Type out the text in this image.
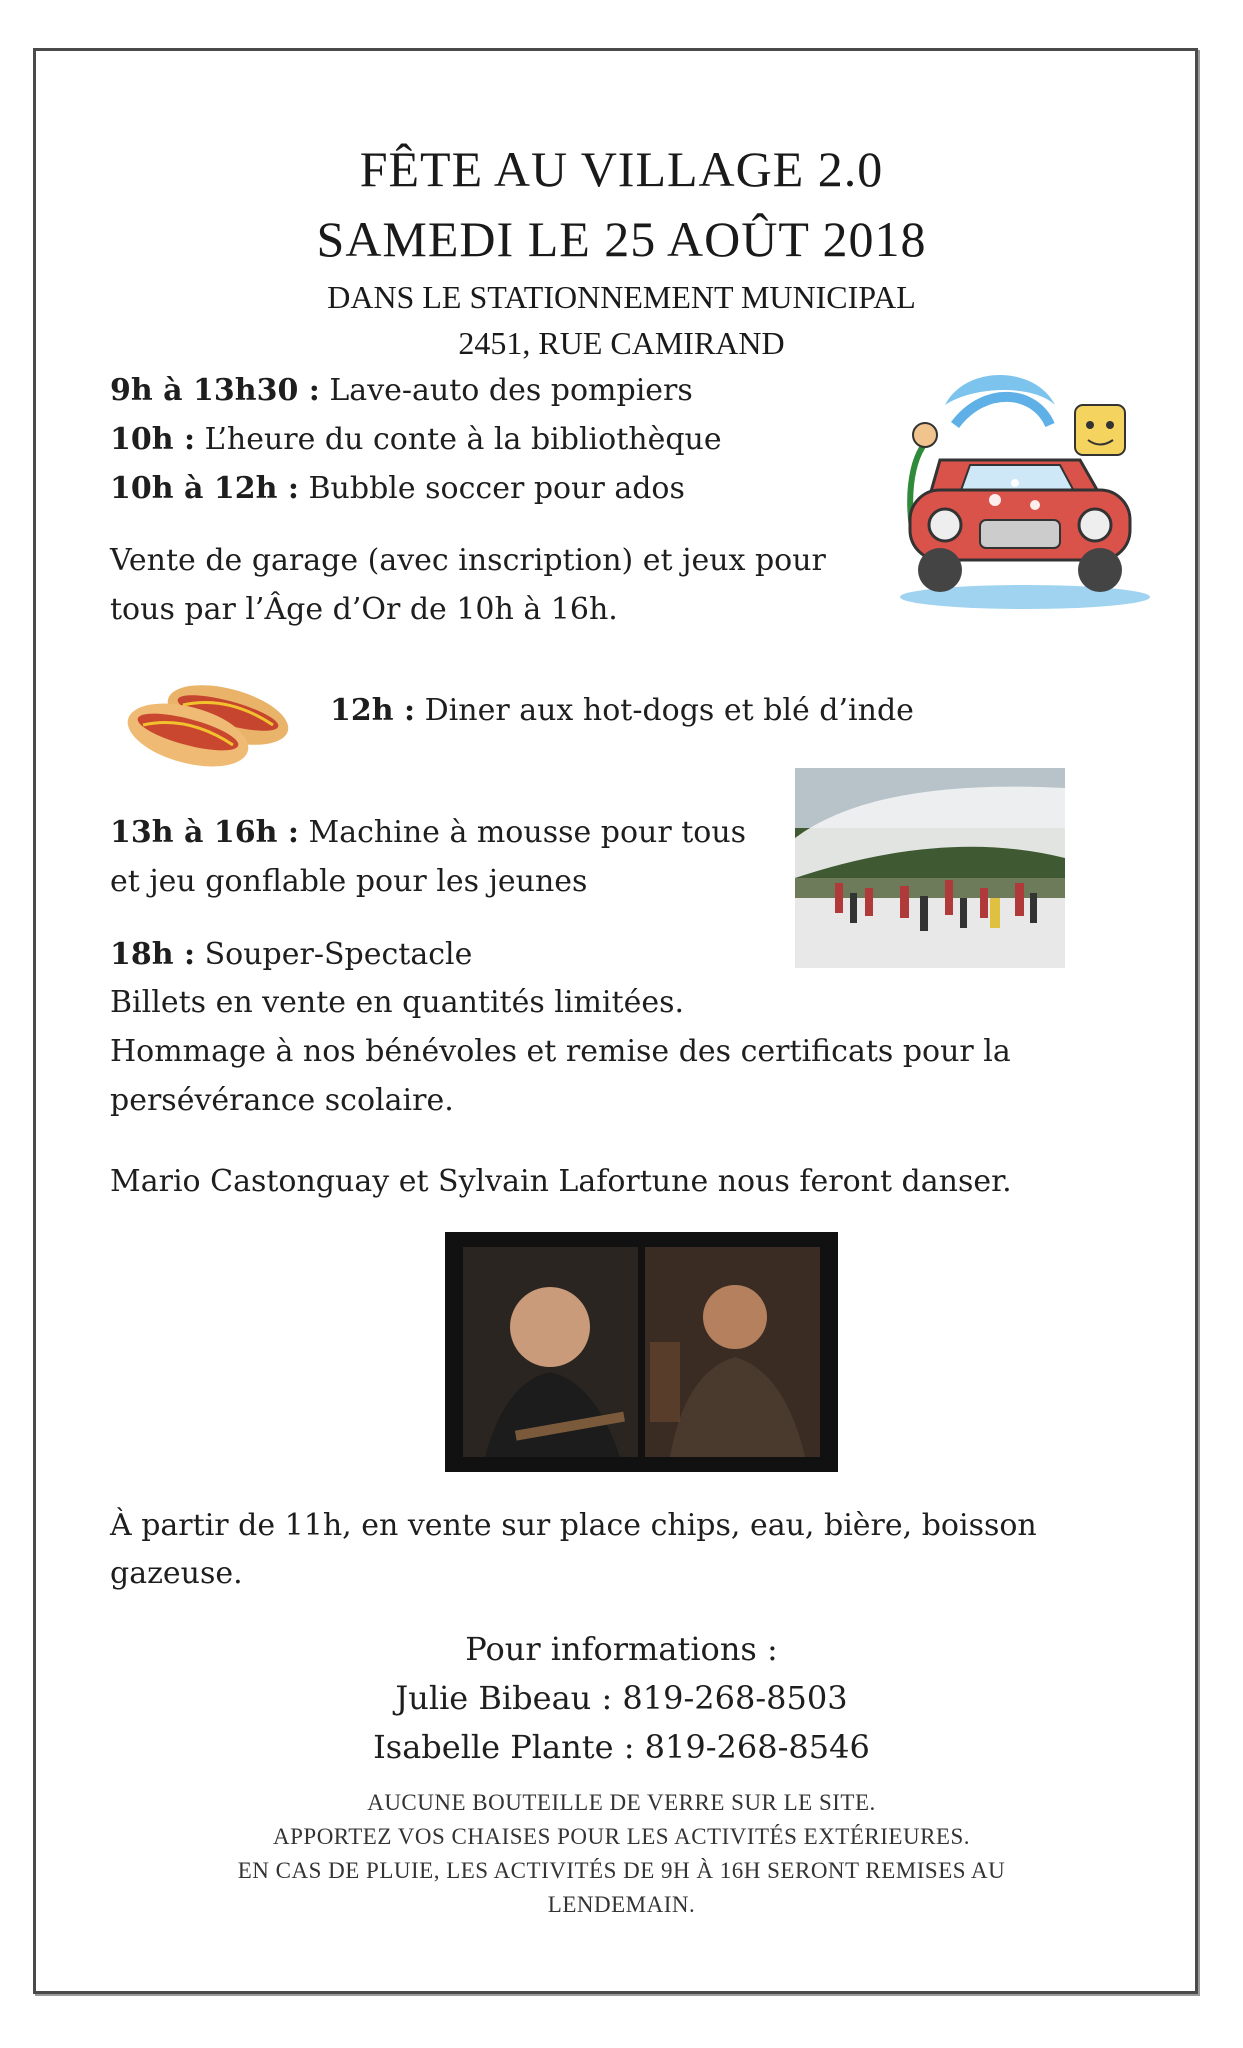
FÊTE AU VILLAGE 2.0
SAMEDI LE 25 AOÛT 2018
DANS LE STATIONNEMENT MUNICIPAL
2451, RUE CAMIRAND
9h à 13h30 : Lave-auto des pompiers
10h : L’heure du conte à la bibliothèque
10h à 12h : Bubble soccer pour ados
Vente de garage (avec inscription) et jeux pour
tous par l’Âge d’Or de 10h à 16h.
12h : Diner aux hot-dogs et blé d’inde
13h à 16h : Machine à mousse pour tous
et jeu gonflable pour les jeunes
18h : Souper-Spectacle
Billets en vente en quantités limitées.
Hommage à nos bénévoles et remise des certificats pour la
persévérance scolaire.
Mario Castonguay et Sylvain Lafortune nous feront danser.
À partir de 11h, en vente sur place chips, eau, bière, boisson
gazeuse.
Pour informations :
Julie Bibeau : 819-268-8503
Isabelle Plante : 819-268-8546
AUCUNE BOUTEILLE DE VERRE SUR LE SITE.
APPORTEZ VOS CHAISES POUR LES ACTIVITÉS EXTÉRIEURES.
EN CAS DE PLUIE, LES ACTIVITÉS DE 9H À 16H SERONT REMISES AU
LENDEMAIN.
